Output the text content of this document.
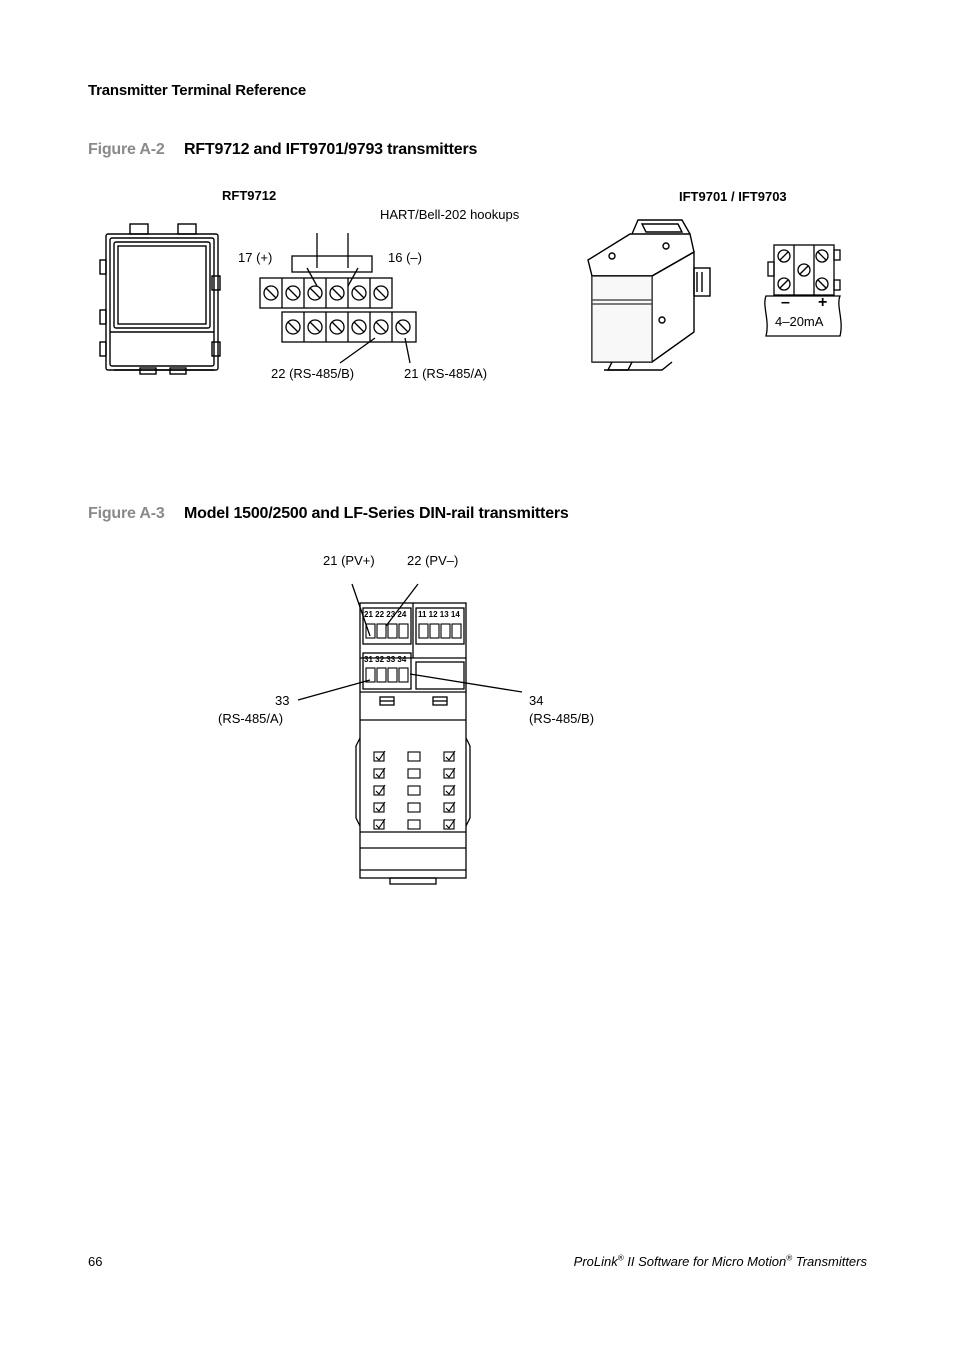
Transmitter Terminal Reference
Figure A-2 RFT9712 and IFT9701/9793 transmitters
RFT9712	IFT9701 / IFT9703
HART/Bell-202 hookups
17 (+)	16 (–)
22 (RS-485/B)	21 (RS-485/A)
– +
4–20mA
Figure A-3 Model 1500/2500 and LF-Series DIN-rail transmitters
21 (PV+) 22 (PV–)
33
(RS-485/A)
34
(RS-485/B)
21 22 23 24 11 12 13 14
31 32 33 34
66	ProLink® II Software for Micro Motion® Transmitters
